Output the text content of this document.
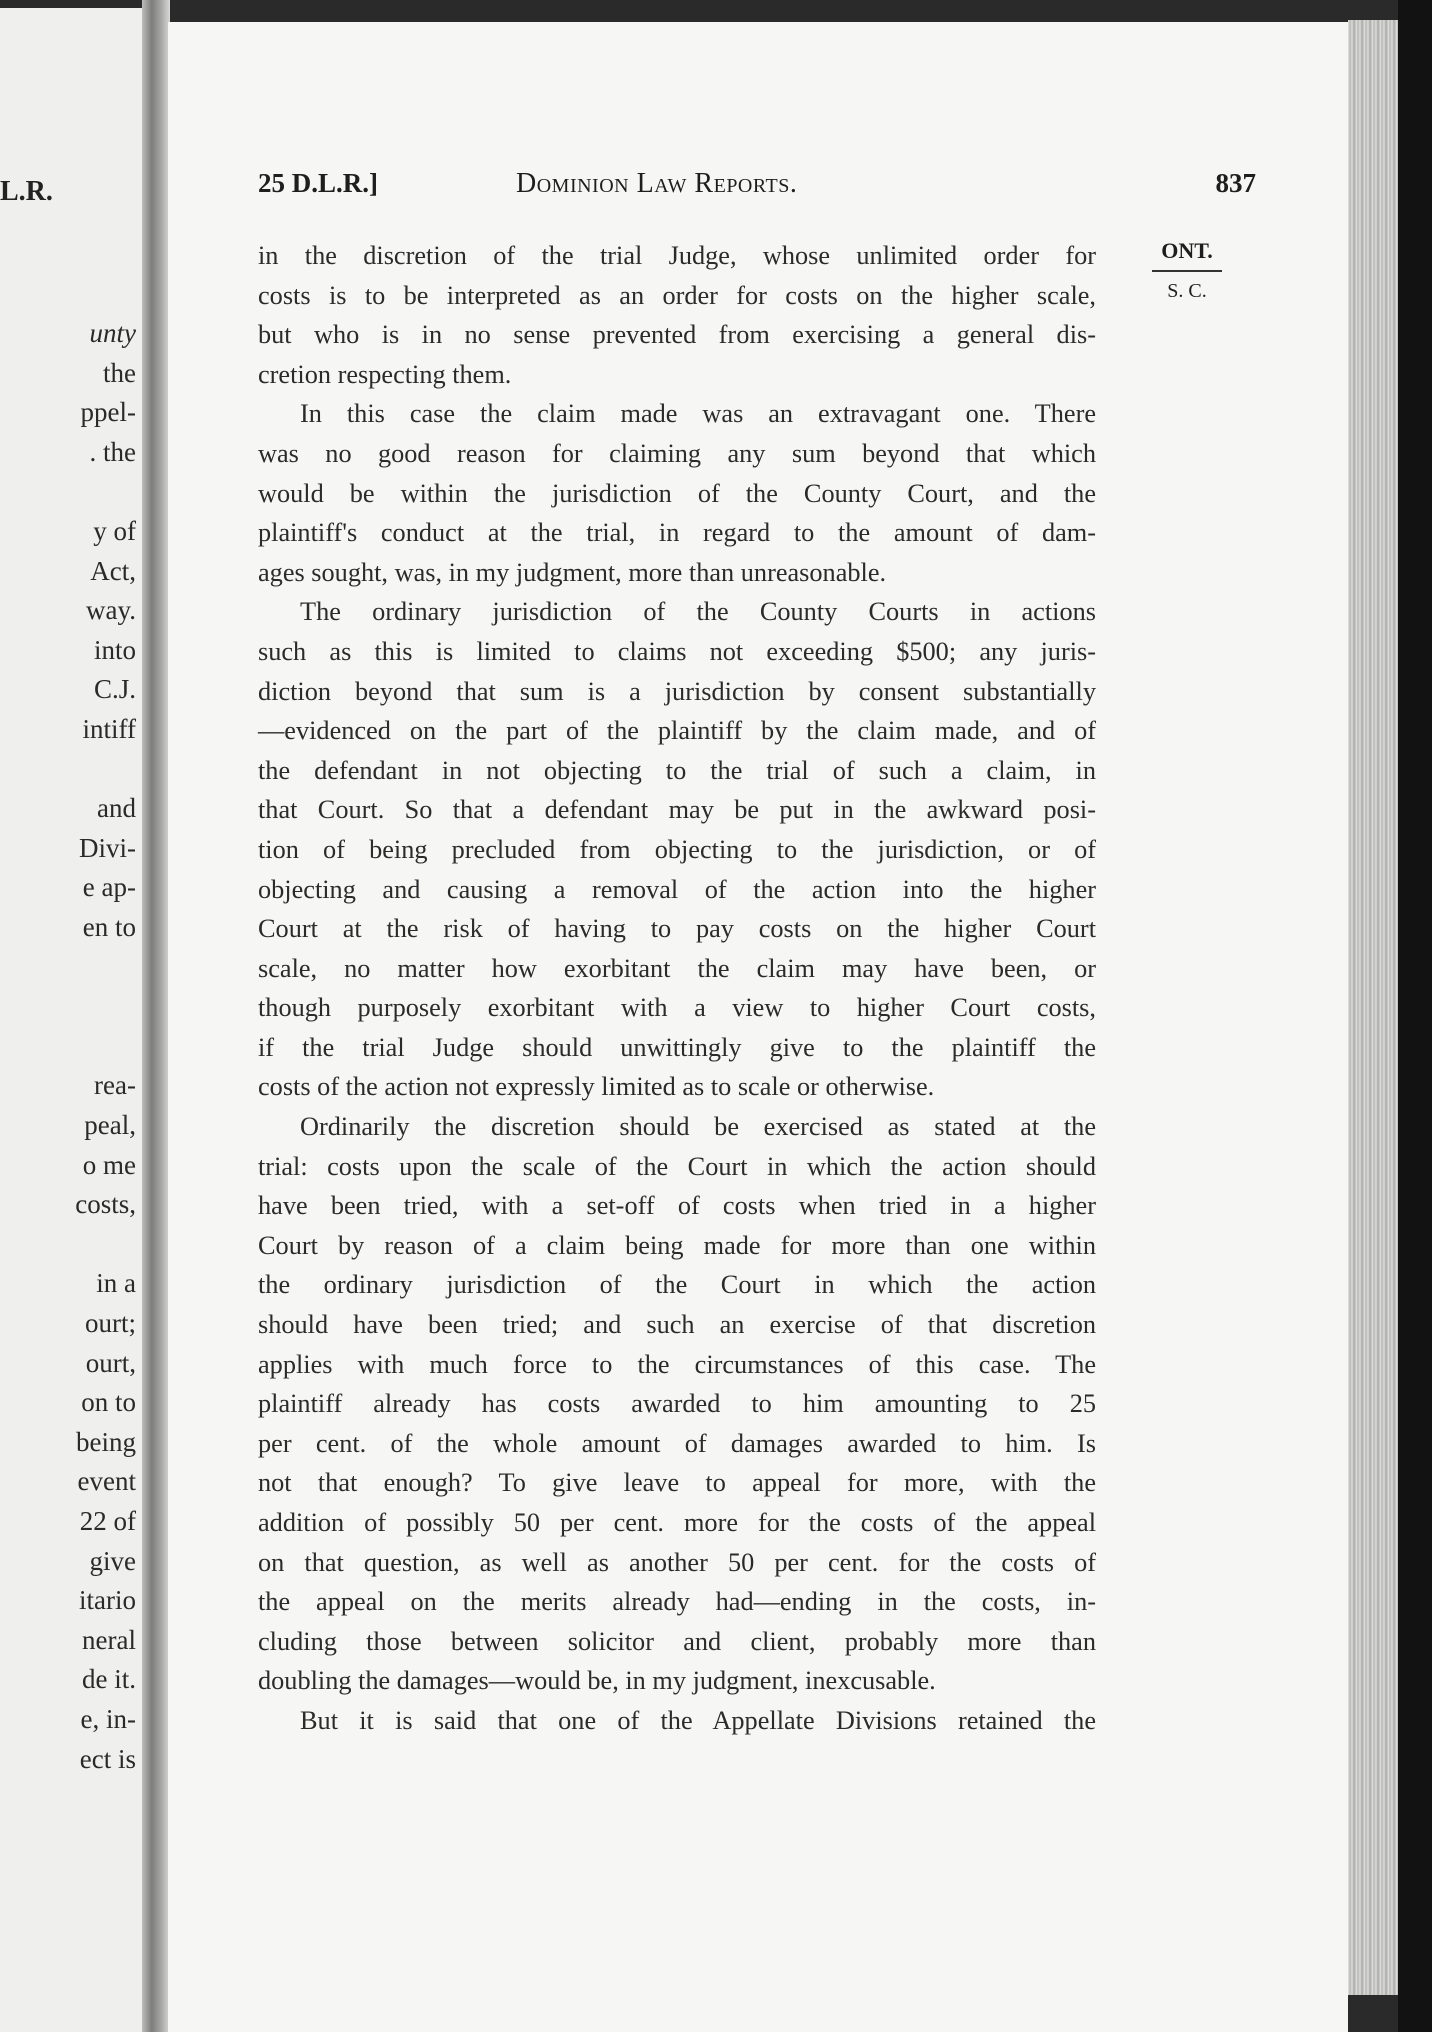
L.R.
unty
the
ppel-
. the
y of
Act,
way.
into
C.J.
intiff
and
Divi-
e ap-
en to
rea-
peal,
o me
costs,
in a
ourt;
ourt,
on to
being
event
22 of
give
itario
neral
de it.
e, in-
ect is
25 D.L.R.]	Dominion Law Reports.	837
ONT.
S. C.
in the discretion of the trial Judge, whose unlimited order for
costs is to be interpreted as an order for costs on the higher scale,
but who is in no sense prevented from exercising a general dis-
cretion respecting them.
In this case the claim made was an extravagant one. There
was no good reason for claiming any sum beyond that which
would be within the jurisdiction of the County Court, and the
plaintiff's conduct at the trial, in regard to the amount of dam-
ages sought, was, in my judgment, more than unreasonable.
The ordinary jurisdiction of the County Courts in actions
such as this is limited to claims not exceeding $500; any juris-
diction beyond that sum is a jurisdiction by consent substantially
—evidenced on the part of the plaintiff by the claim made, and of
the defendant in not objecting to the trial of such a claim, in
that Court. So that a defendant may be put in the awkward posi-
tion of being precluded from objecting to the jurisdiction, or of
objecting and causing a removal of the action into the higher
Court at the risk of having to pay costs on the higher Court
scale, no matter how exorbitant the claim may have been, or
though purposely exorbitant with a view to higher Court costs,
if the trial Judge should unwittingly give to the plaintiff the
costs of the action not expressly limited as to scale or otherwise.
Ordinarily the discretion should be exercised as stated at the
trial: costs upon the scale of the Court in which the action should
have been tried, with a set-off of costs when tried in a higher
Court by reason of a claim being made for more than one within
the ordinary jurisdiction of the Court in which the action
should have been tried; and such an exercise of that discretion
applies with much force to the circumstances of this case. The
plaintiff already has costs awarded to him amounting to 25
per cent. of the whole amount of damages awarded to him. Is
not that enough? To give leave to appeal for more, with the
addition of possibly 50 per cent. more for the costs of the appeal
on that question, as well as another 50 per cent. for the costs of
the appeal on the merits already had—ending in the costs, in-
cluding those between solicitor and client, probably more than
doubling the damages—would be, in my judgment, inexcusable.
But it is said that one of the Appellate Divisions retained the
